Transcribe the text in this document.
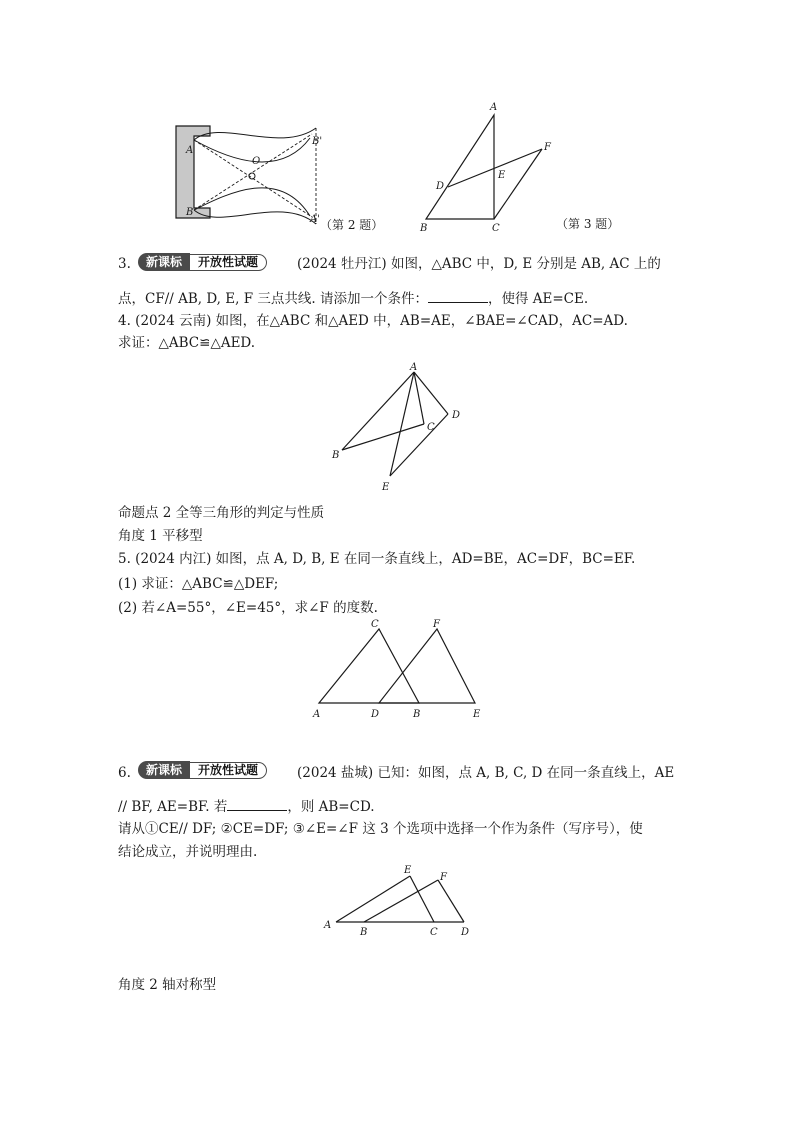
A
B
O
B'
A' （第 2 题）
A
F
D
E
B	C	（第 3 题）
3.	新课标	开放性试题	(2024 牡丹江) 如图，△ABC 中，D, E 分别是 AB, AC 上的
点，CF// AB, D, E, F 三点共线. 请添加一个条件：	，使得 AE=CE.
4. (2024 云南) 如图，在△ABC 和△AED 中，AB=AE，∠BAE=∠CAD，AC=AD.
求证：△ABC≌△AED.
A
D
C
B
E
命题点 2 全等三角形的判定与性质
角度 1 平移型
5. (2024 内江) 如图，点 A, D, B, E 在同一条直线上，AD=BE，AC=DF，BC=EF.
(1) 求证：△ABC≌△DEF;
(2) 若∠A=55°，∠E=45°，求∠F 的度数.
C	F
A	D	B	E
6.	新课标	开放性试题	(2024 盐城) 已知：如图，点 A, B, C, D 在同一条直线上，AE
// BF, AE=BF. 若	，则 AB=CD.
请从①CE// DF; ②CE=DF; ③∠E=∠F 这 3 个选项中选择一个作为条件（写序号），使
结论成立，并说明理由.
E
F
A
B	C D
角度 2 轴对称型
